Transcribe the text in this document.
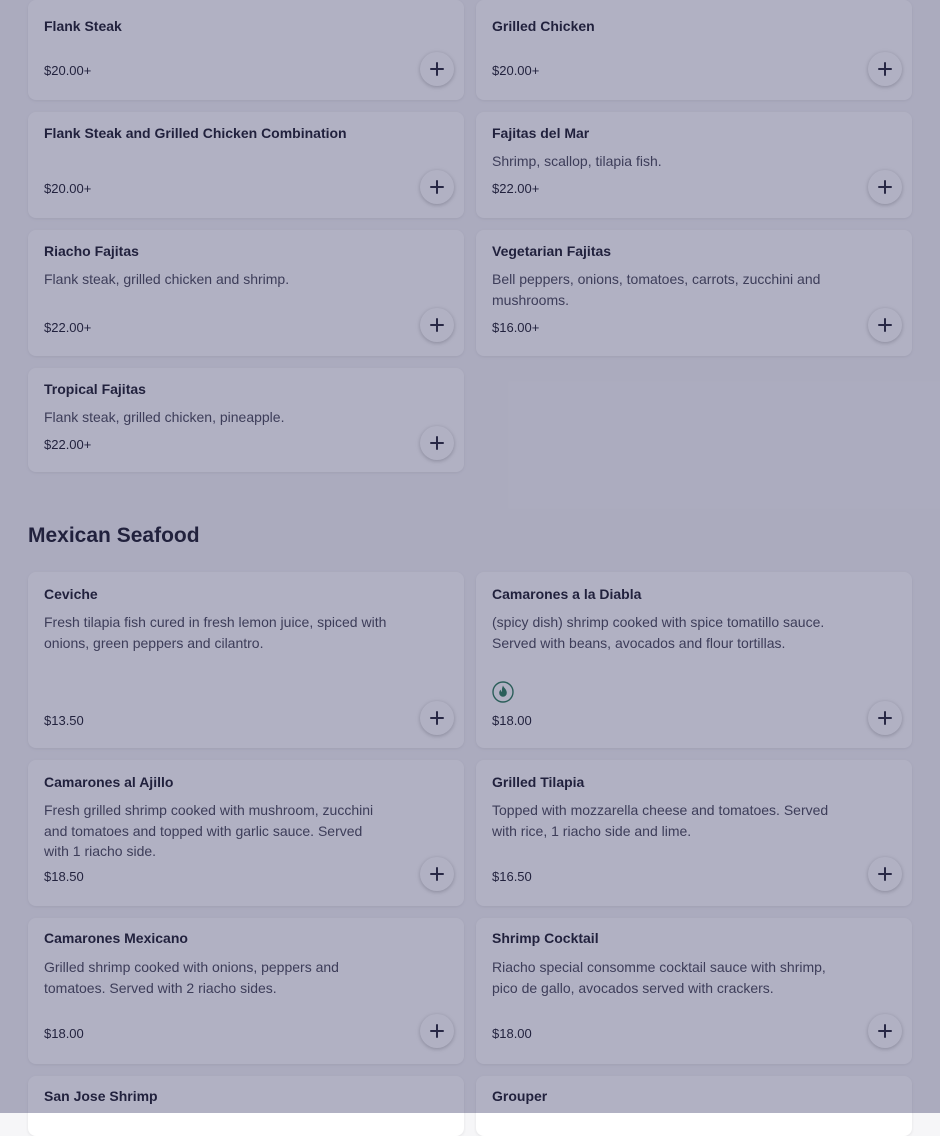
Flank Steak
$20.00+
Grilled Chicken
$20.00+
Flank Steak and Grilled Chicken Combination
$20.00+
Fajitas del Mar
Shrimp, scallop, tilapia fish.
$22.00+
Riacho Fajitas
Flank steak, grilled chicken and shrimp.
$22.00+
Vegetarian Fajitas
Bell peppers, onions, tomatoes, carrots, zucchini and mushrooms.
$16.00+
Tropical Fajitas
Flank steak, grilled chicken, pineapple.
$22.00+
Mexican Seafood
Ceviche
Fresh tilapia fish cured in fresh lemon juice, spiced with onions, green peppers and cilantro.
$13.50
Camarones a la Diabla
(spicy dish) shrimp cooked with spice tomatillo sauce. Served with beans, avocados and flour tortillas.
$18.00
Camarones al Ajillo
Fresh grilled shrimp cooked with mushroom, zucchini and tomatoes and topped with garlic sauce. Served with 1 riacho side.
$18.50
Grilled Tilapia
Topped with mozzarella cheese and tomatoes. Served with rice, 1 riacho side and lime.
$16.50
Camarones Mexicano
Grilled shrimp cooked with onions, peppers and tomatoes. Served with 2 riacho sides.
$18.00
Shrimp Cocktail
Riacho special consomme cocktail sauce with shrimp, pico de gallo, avocados served with crackers.
$18.00
San Jose Shrimp	Grouper
